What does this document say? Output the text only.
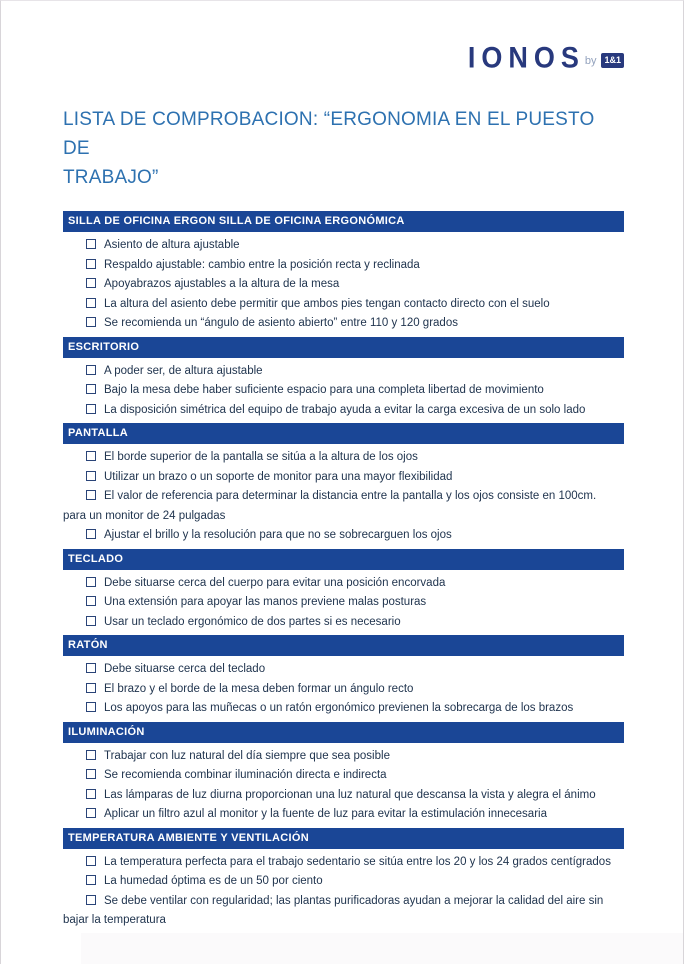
IONOS by 1&1
LISTA DE COMPROBACION: “ERGONOMIA EN EL PUESTO DE
TRABAJO”
SILLA DE OFICINA ERGON SILLA DE OFICINA ERGONÓMICA
Asiento de altura ajustable
Respaldo ajustable: cambio entre la posición recta y reclinada
Apoyabrazos ajustables a la altura de la mesa
La altura del asiento debe permitir que ambos pies tengan contacto directo con el suelo
Se recomienda un “ángulo de asiento abierto” entre 110 y 120 grados
ESCRITORIO
A poder ser, de altura ajustable
Bajo la mesa debe haber suficiente espacio para una completa libertad de movimiento
La disposición simétrica del equipo de trabajo ayuda a evitar la carga excesiva de un solo lado
PANTALLA
El borde superior de la pantalla se sitúa a la altura de los ojos
Utilizar un brazo o un soporte de monitor para una mayor flexibilidad
El valor de referencia para determinar la distancia entre la pantalla y los ojos consiste en 100cm.
para un monitor de 24 pulgadas
Ajustar el brillo y la resolución para que no se sobrecarguen los ojos
TECLADO
Debe situarse cerca del cuerpo para evitar una posición encorvada
Una extensión para apoyar las manos previene malas posturas
Usar un teclado ergonómico de dos partes si es necesario
RATÓN
Debe situarse cerca del teclado
El brazo y el borde de la mesa deben formar un ángulo recto
Los apoyos para las muñecas o un ratón ergonómico previenen la sobrecarga de los brazos
ILUMINACIÓN
Trabajar con luz natural del día siempre que sea posible
Se recomienda combinar iluminación directa e indirecta
Las lámparas de luz diurna proporcionan una luz natural que descansa la vista y alegra el ánimo
Aplicar un filtro azul al monitor y la fuente de luz para evitar la estimulación innecesaria
TEMPERATURA AMBIENTE Y VENTILACIÓN
La temperatura perfecta para el trabajo sedentario se sitúa entre los 20 y los 24 grados centígrados
La humedad óptima es de un 50 por ciento
Se debe ventilar con regularidad; las plantas purificadoras ayudan a mejorar la calidad del aire sin
bajar la temperatura
